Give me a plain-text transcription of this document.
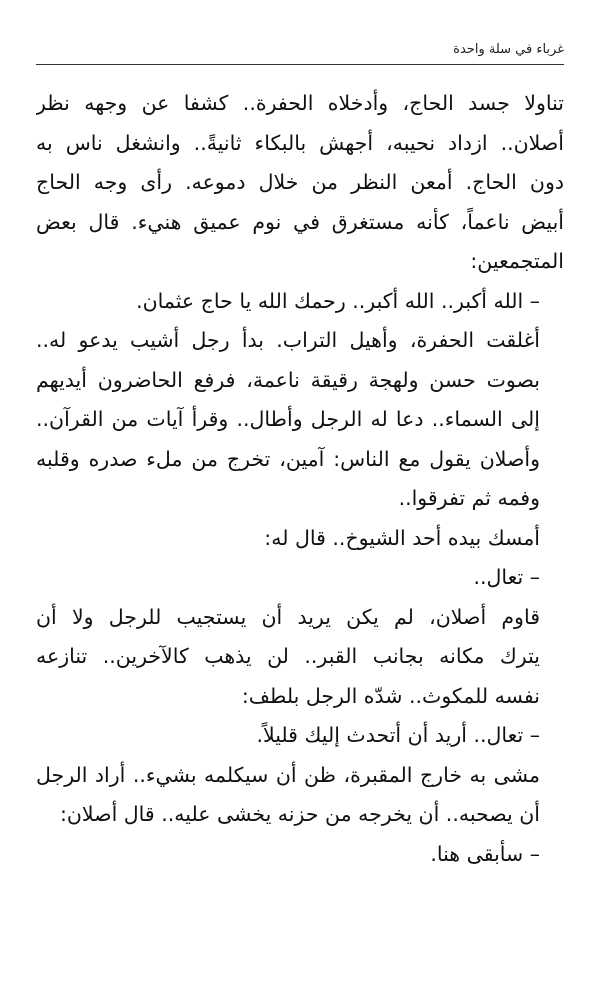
غرباء في سلة واحدة

تناولا جسد الحاج، وأدخلاه الحفرة.. كشفا عن وجهه نظر
أصلان.. ازداد نحيبه، أجهش بالبكاء ثانيةً.. وانشغل ناس به
دون الحاج. أمعن النظر من خلال دموعه. رأى وجه الحاج
أبيض ناعماً، كأنه مستغرق في نوم عميق هنيء. قال بعض
المتجمعين:

– الله أكبر.. الله أكبر.. رحمك الله يا حاج عثمان.

أغلقت الحفرة، وأهيل التراب. بدأ رجل أشيب يدعو له..
بصوت حسن ولهجة رقيقة ناعمة، فرفع الحاضرون أيديهم
إلى السماء.. دعا له الرجل وأطال.. وقرأ آيات من القرآن..
وأصلان يقول مع الناس: آمين، تخرج من ملء صدره وقلبه
وفمه ثم تفرقوا..

أمسك بيده أحد الشيوخ.. قال له:

– تعال..

قاوم أصلان، لم يكن يريد أن يستجيب للرجل ولا أن
يترك مكانه بجانب القبر.. لن يذهب كالآخرين.. تنازعه
نفسه للمكوث.. شدّه الرجل بلطف:

– تعال.. أريد أن أتحدث إليك قليلاً.

مشى به خارج المقبرة، ظن أن سيكلمه بشيء.. أراد الرجل
أن يصحبه.. أن يخرجه من حزنه يخشى عليه.. قال أصلان:

– سأبقى هنا.
